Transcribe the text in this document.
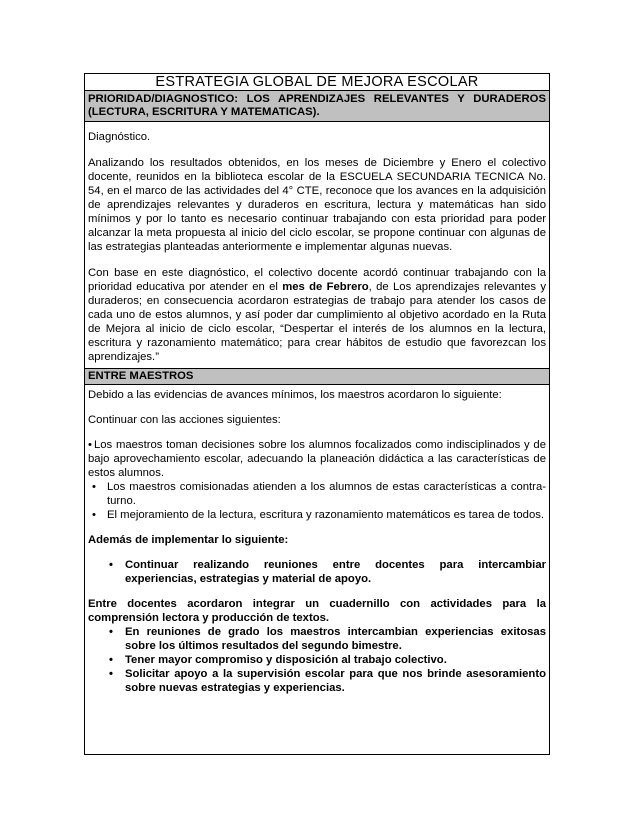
ESTRATEGIA GLOBAL DE MEJORA ESCOLAR
PRIORIDAD/DIAGNOSTICO: LOS APRENDIZAJES RELEVANTES Y DURADEROS (LECTURA, ESCRITURA Y MATEMATICAS).

Diagnóstico.

Analizando los resultados obtenidos, en los meses de Diciembre y Enero el colectivo docente, reunidos en la biblioteca escolar de la ESCUELA SECUNDARIA TECNICA No. 54, en el marco de las actividades del 4° CTE, reconoce que los avances en la adquisición de aprendizajes relevantes y duraderos en escritura, lectura y matemáticas han sido mínimos y por lo tanto es necesario continuar trabajando con esta prioridad para poder alcanzar la meta propuesta al inicio del ciclo escolar, se propone continuar con algunas de las estrategias planteadas anteriormente e implementar algunas nuevas.

Con base en este diagnóstico, el colectivo docente acordó continuar trabajando con la prioridad educativa por atender en el mes de Febrero, de Los aprendizajes relevantes y duraderos; en consecuencia acordaron estrategias de trabajo para atender los casos de cada uno de estos alumnos, y así poder dar cumplimiento al objetivo acordado en la Ruta de Mejora al inicio de ciclo escolar, “Despertar el interés de los alumnos en la lectura, escritura y razonamiento matemático; para crear hábitos de estudio que favorezcan los aprendizajes.”

ENTRE MAESTROS

Debido a las evidencias de avances mínimos, los maestros acordaron lo siguiente:

Continuar con las acciones siguientes:

• Los maestros toman decisiones sobre los alumnos focalizados como indisciplinados y de bajo aprovechamiento escolar, adecuando la planeación didáctica a las características de estos alumnos.

• Los maestros comisionadas atienden a los alumnos de estas características a contra-turno.
• El mejoramiento de la lectura, escritura y razonamiento matemáticos es tarea de todos.

Además de implementar lo siguiente:

• Continuar realizando reuniones entre docentes para intercambiar experiencias, estrategias y material de apoyo.

Entre docentes acordaron integrar un cuadernillo con actividades para la comprensión lectora y producción de textos.

• En reuniones de grado los maestros intercambian experiencias exitosas sobre los últimos resultados del segundo bimestre.
• Tener mayor compromiso y disposición al trabajo colectivo.
• Solicitar apoyo a la supervisión escolar para que nos brinde asesoramiento sobre nuevas estrategias y experiencias.
